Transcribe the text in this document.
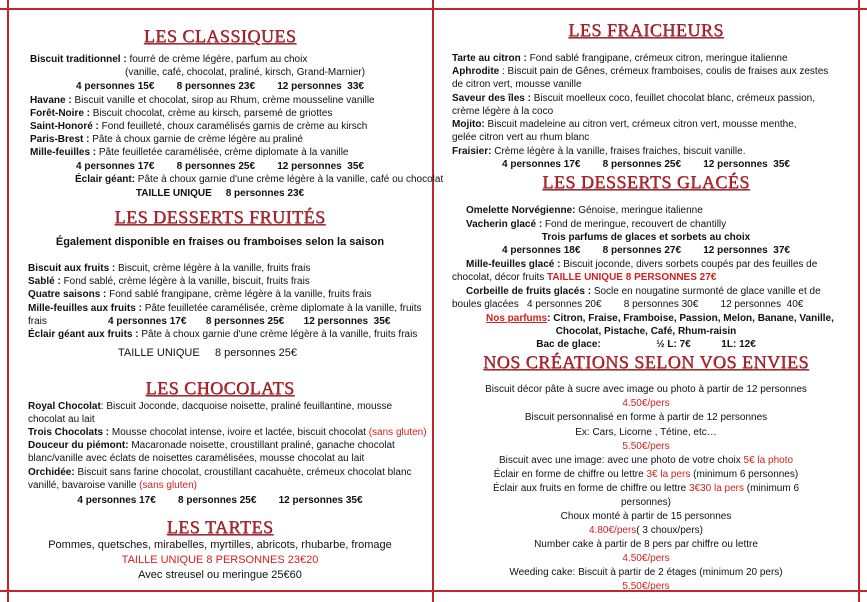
LES CLASSIQUES
Biscuit traditionnel : fourré de crème légère, parfum au choix
(vanille, café, chocolat, praliné, kirsch, Grand-Marnier)
4 personnes 15€        8 personnes 23€        12 personnes  33€
Havane : Biscuit vanille et chocolat, sirop au Rhum, crème mousseline vanille
Forêt-Noire : Biscuit chocolat, crème au kirsch, parsemé de griottes
Saint-Honoré : Fond feuilleté, choux caramélisés garnis de crème au kirsch
Paris-Brest : Pâte à choux garnie de crème légère au praliné
Mille-feuilles : Pâte feuilletée caramélisée, crème diplomate à la vanille
4 personnes 17€        8 personnes 25€        12 personnes  35€
Éclair géant: Pâte à choux garnie d'une crème légère à la vanille, café ou chocolat
TAILLE UNIQUE     8 personnes 23€
LES DESSERTS FRUITÉS
Également disponible en fraises ou framboises selon la saison
Biscuit aux fruits : Biscuit, crème légère à la vanille, fruits frais
Sablé : Fond sablé, crème légère à la vanille, biscuit, fruits frais
Quatre saisons : Fond sablé frangipane, crème légère à la vanille, fruits frais
Mille-feuilles aux fruits : Pâte feuilletée caramélisée, crème diplomate à la vanille, fruits
frais	4 personnes 17€       8 personnes 25€       12 personnes  35€
Éclair géant aux fruits : Pâte à choux garnie d'une crème légère à la vanille, fruits frais
TAILLE UNIQUE     8 personnes 25€
LES CHOCOLATS
Royal Chocolat: Biscuit Joconde, dacquoise noisette, praliné feuillantine, mousse
chocolat au lait
Trois Chocolats : Mousse chocolat intense, ivoire et lactée, biscuit chocolat (sans gluten)
Douceur du piémont: Macaronade noisette, croustillant praliné, ganache chocolat
blanc/vanille avec éclats de noisettes caramélisées, mousse chocolat au lait
Orchidée: Biscuit sans farine chocolat, croustillant cacahuète, crémeux chocolat blanc
vanillé, bavaroise vanille (sans gluten)
4 personnes 17€        8 personnes 25€        12 personnes 35€
LES TARTES
Pommes, quetsches, mirabelles, myrtilles, abricots, rhubarbe, fromage
TAILLE UNIQUE 8 PERSONNES 23€20
Avec streusel ou meringue 25€60
LES FRAICHEURS
Tarte au citron : Fond sablé frangipane, crémeux citron, meringue italienne
Aphrodite : Biscuit pain de Gênes, crémeux framboises, coulis de fraises aux zestes
de citron vert, mousse vanille
Saveur des îles : Biscuit moelleux coco, feuillet chocolat blanc, crémeux passion,
crème légère à la coco
Mojito: Biscuit madeleine au citron vert, crémeux citron vert, mousse menthe,
gelée citron vert au rhum blanc
Fraisier: Crème légère à la vanille, fraises fraiches, biscuit vanille.
4 personnes 17€        8 personnes 25€        12 personnes  35€
LES DESSERTS GLACÉS
Omelette Norvégienne: Génoise, meringue italienne
Vacherin glacé : Fond de meringue, recouvert de chantilly
Trois parfums de glaces et sorbets au choix
4 personnes 18€        8 personnes 27€        12 personnes  37€
Mille-feuilles glacé : Biscuit joconde, divers sorbets coupés par des feuilles de
chocolat, décor fruits TAILLE UNIQUE 8 PERSONNES 27€
Corbeille de fruits glacés : Socle en nougatine surmonté de glace vanille et de
boules glacées   4 personnes 20€        8 personnes 30€        12 personnes  40€
Nos parfums: Citron, Fraise, Framboise, Passion, Melon, Banane, Vanille,
Chocolat, Pistache, Café, Rhum-raisin
Bac de glace:                    ½ L: 7€           1L: 12€
NOS CRÉATIONS SELON VOS ENVIES
Biscuit décor pâte à sucre avec image ou photo à partir de 12 personnes
4.50€/pers
Biscuit personnalisé en forme à partir de 12 personnes
Ex: Cars, Licorne , Tétine, etc…
5.50€/pers
Biscuit avec une image: avec une photo de votre choix 5€ la photo
Éclair en forme de chiffre ou lettre 3€ la pers (minimum 6 personnes)
Éclair aux fruits en forme de chiffre ou lettre 3€30 la pers (minimum 6
personnes)
Choux monté à partir de 15 personnes
4.80€/pers( 3 choux/pers)
Number cake à partir de 8 pers par chiffre ou lettre
4.50€/pers
Weeding cake: Biscuit à partir de 2 étages (minimum 20 pers)
5.50€/pers
